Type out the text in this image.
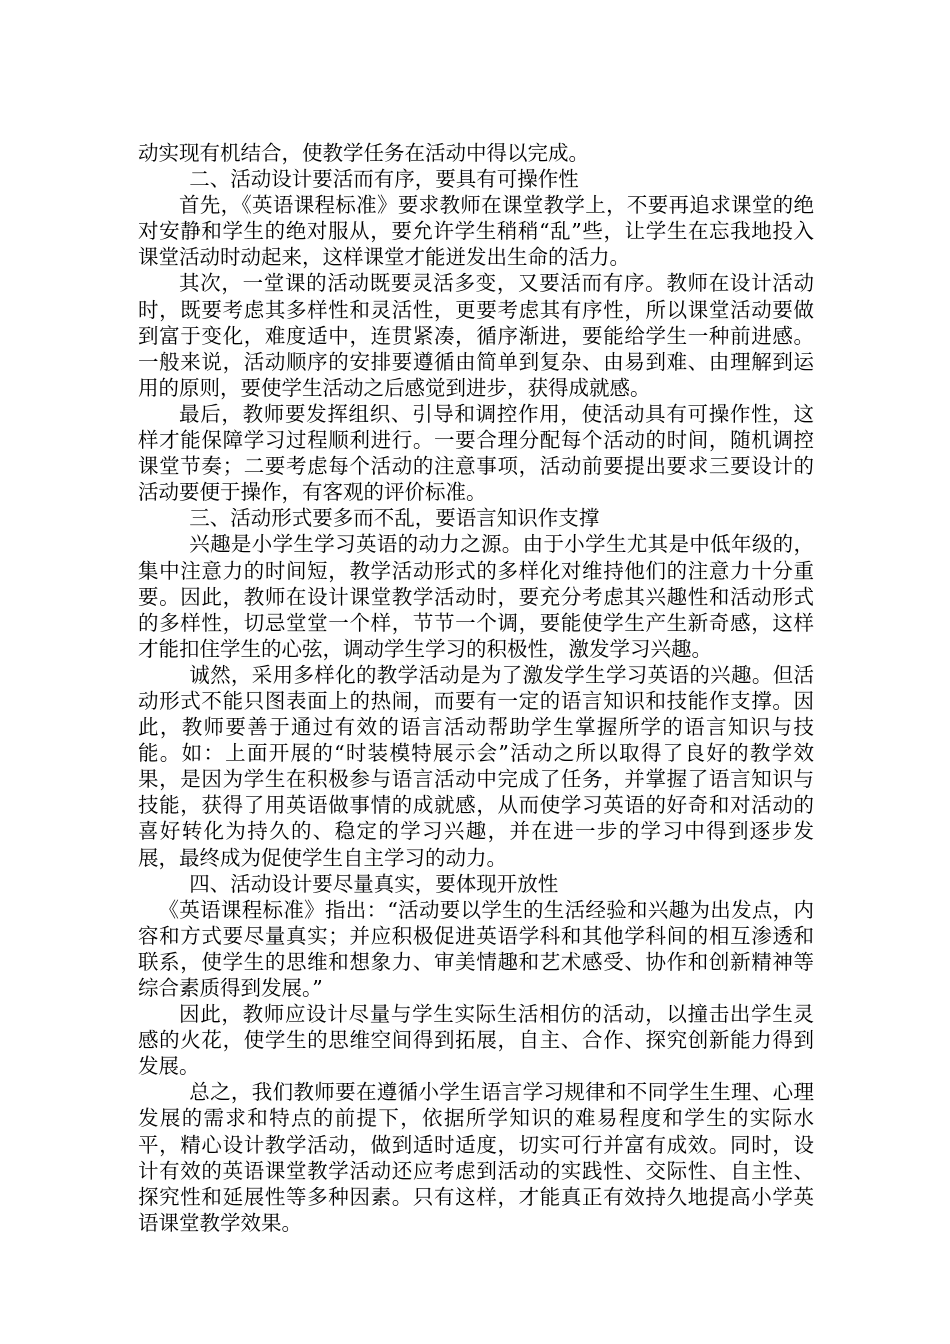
动实现有机结合，使教学任务在活动中得以完成。

二、活动设计要活而有序，要具有可操作性

首先，《英语课程标准》要求教师在课堂教学上，不要再追求课堂的绝对安静和学生的绝对服从，要允许学生稍稍“乱”些，让学生在忘我地投入课堂活动时动起来，这样课堂才能迸发出生命的活力。

其次，一堂课的活动既要灵活多变，又要活而有序。教师在设计活动时，既要考虑其多样性和灵活性，更要考虑其有序性，所以课堂活动要做到富于变化，难度适中，连贯紧凑，循序渐进，要能给学生一种前进感。一般来说，活动顺序的安排要遵循由简单到复杂、由易到难、由理解到运用的原则，要使学生活动之后感觉到进步，获得成就感。

最后，教师要发挥组织、引导和调控作用，使活动具有可操作性，这样才能保障学习过程顺利进行。一要合理分配每个活动的时间，随机调控课堂节奏；二要考虑每个活动的注意事项，活动前要提出要求三要设计的活动要便于操作，有客观的评价标准。

三、活动形式要多而不乱，要语言知识作支撑

兴趣是小学生学习英语的动力之源。由于小学生尤其是中低年级的，集中注意力的时间短，教学活动形式的多样化对维持他们的注意力十分重要。因此，教师在设计课堂教学活动时，要充分考虑其兴趣性和活动形式的多样性，切忌堂堂一个样，节节一个调，要能使学生产生新奇感，这样才能扣住学生的心弦，调动学生学习的积极性，激发学习兴趣。

诚然，采用多样化的教学活动是为了激发学生学习英语的兴趣。但活动形式不能只图表面上的热闹，而要有一定的语言知识和技能作支撑。因此，教师要善于通过有效的语言活动帮助学生掌握所学的语言知识与技能。如：上面开展的“时装模特展示会”活动之所以取得了良好的教学效果，是因为学生在积极参与语言活动中完成了任务，并掌握了语言知识与技能，获得了用英语做事情的成就感，从而使学习英语的好奇和对活动的喜好转化为持久的、稳定的学习兴趣，并在进一步的学习中得到逐步发展，最终成为促使学生自主学习的动力。

四、活动设计要尽量真实，要体现开放性

《英语课程标准》指出：“活动要以学生的生活经验和兴趣为出发点，内容和方式要尽量真实；并应积极促进英语学科和其他学科间的相互渗透和联系，使学生的思维和想象力、审美情趣和艺术感受、协作和创新精神等综合素质得到发展。”

因此，教师应设计尽量与学生实际生活相仿的活动，以撞击出学生灵感的火花，使学生的思维空间得到拓展，自主、合作、探究创新能力得到发展。

总之，我们教师要在遵循小学生语言学习规律和不同学生生理、心理发展的需求和特点的前提下，依据所学知识的难易程度和学生的实际水平，精心设计教学活动，做到适时适度，切实可行并富有成效。同时，设计有效的英语课堂教学活动还应考虑到活动的实践性、交际性、自主性、探究性和延展性等多种因素。只有这样，才能真正有效持久地提高小学英语课堂教学效果。
